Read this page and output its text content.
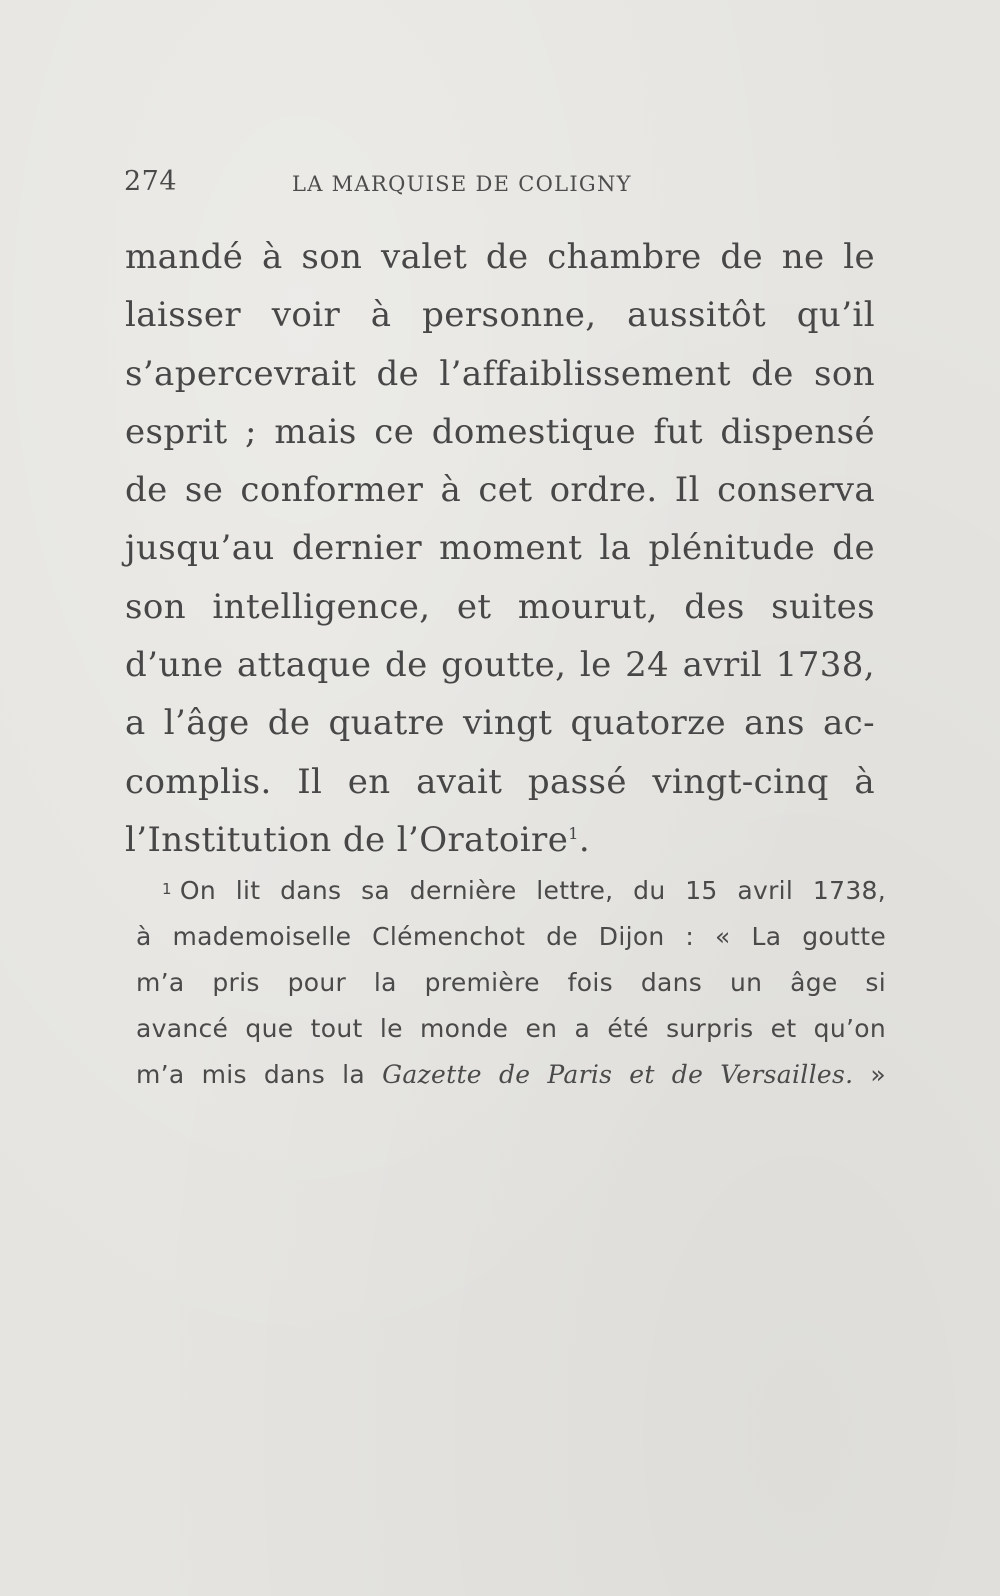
274	LA MARQUISE DE COLIGNY
mandé à son valet de chambre de ne le
laisser voir à personne, aussitôt qu’il
s’apercevrait de l’affaiblissement de son
esprit ; mais ce domestique fut dispensé
de se conformer à cet ordre. Il conserva
jusqu’au dernier moment la plénitude de
son intelligence, et mourut, des suites
d’une attaque de goutte, le 24 avril 1738,
a l’âge de quatre vingt quatorze ans ac-
complis. Il en avait passé vingt-cinq à
l’Institution de l’Oratoire$^1$.
$^1$ On lit dans sa dernière lettre, du 15 avril 1738,
à mademoiselle Clémenchot de Dijon : « La goutte
m’a pris pour la première fois dans un âge si
avancé que tout le monde en a été surpris et qu’on
m’a mis dans la Gazette de Paris et de Versailles. »
